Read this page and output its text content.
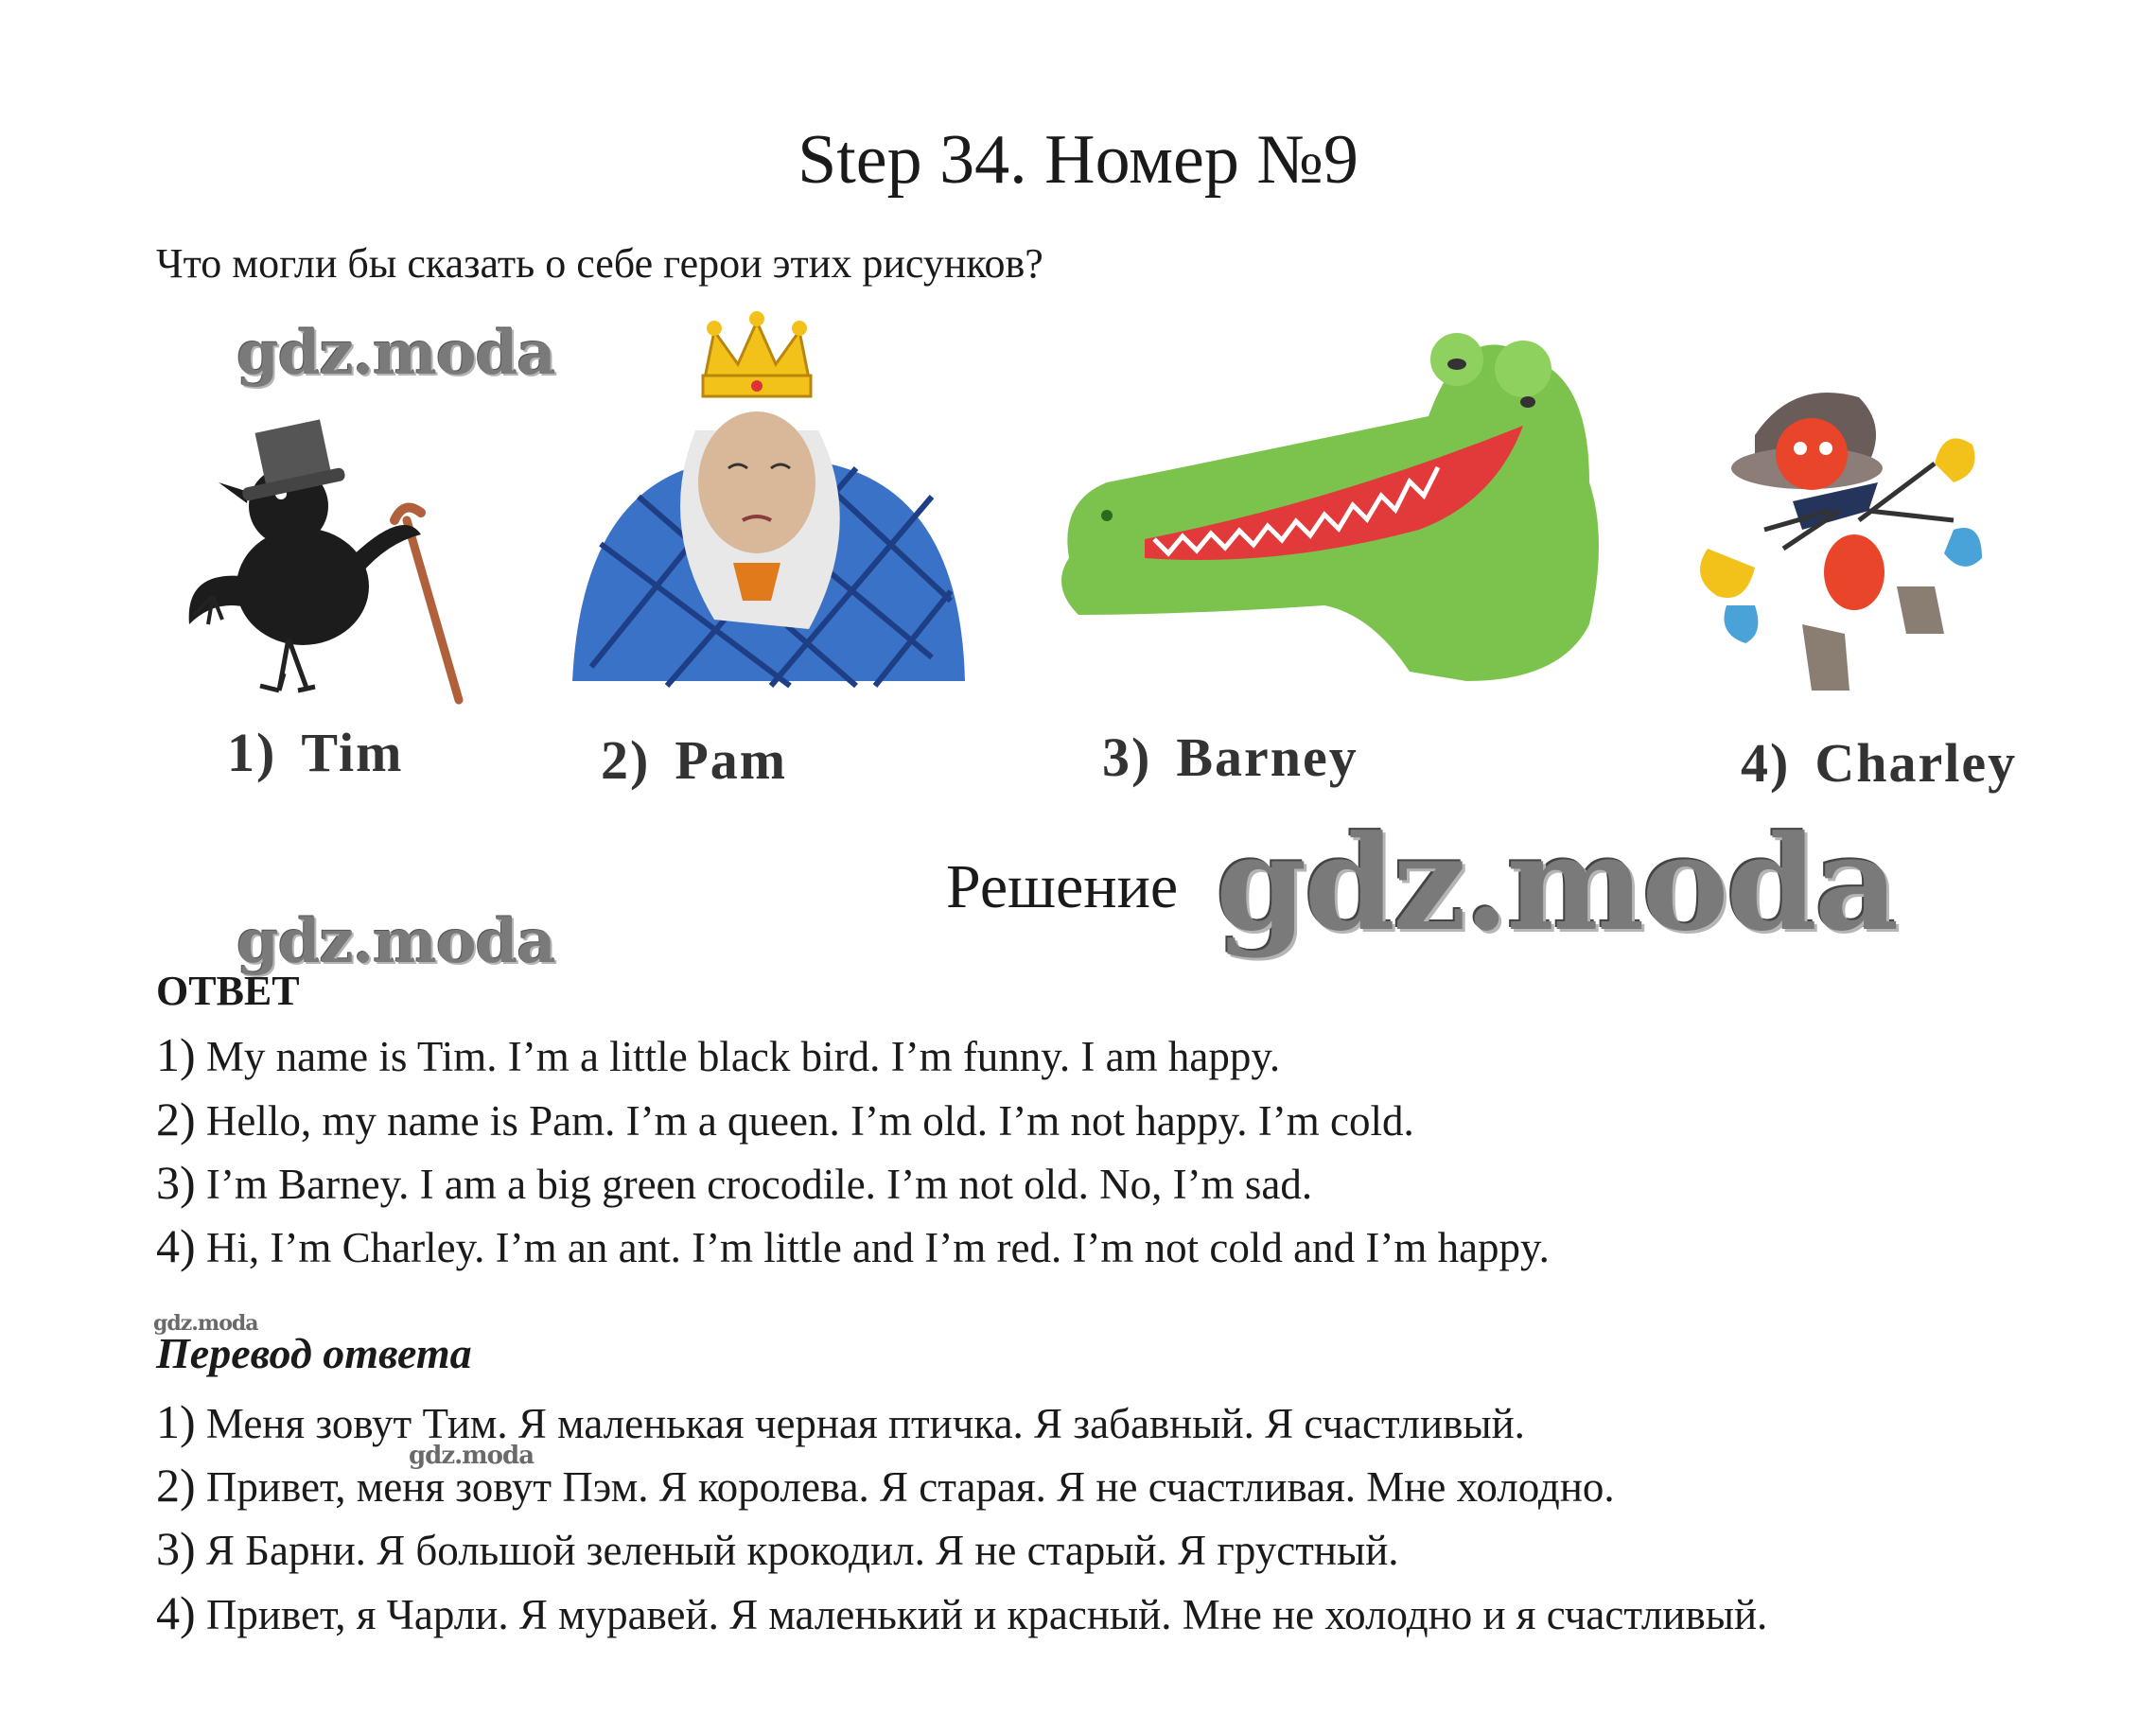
Step 34. Номер №9
Что могли бы сказать о себе герои этих рисунков?
gdz.moda
gdz.moda	gdz.moda
gdz.moda
gdz.moda
1) Tim	2) Pam	3) Barney	4) Charley
Решение
ОТВЕТ
1) My name is Tim. I’m a little black bird. I’m funny. I am happy.
2) Hello, my name is Pam. I’m a queen. I’m old. I’m not happy. I’m cold.
3) I’m Barney. I am a big green crocodile. I’m not old. No, I’m sad.
4) Hi, I’m Charley. I’m an ant. I’m little and I’m red. I’m not cold and I’m happy.
Перевод ответа
1) Меня зовут Тим. Я маленькая черная птичка. Я забавный. Я счастливый.
2) Привет, меня зовут Пэм. Я королева. Я старая. Я не счастливая. Мне холодно.
3) Я Барни. Я большой зеленый крокодил. Я не старый. Я грустный.
4) Привет, я Чарли. Я муравей. Я маленький и красный. Мне не холодно и я счастливый.
